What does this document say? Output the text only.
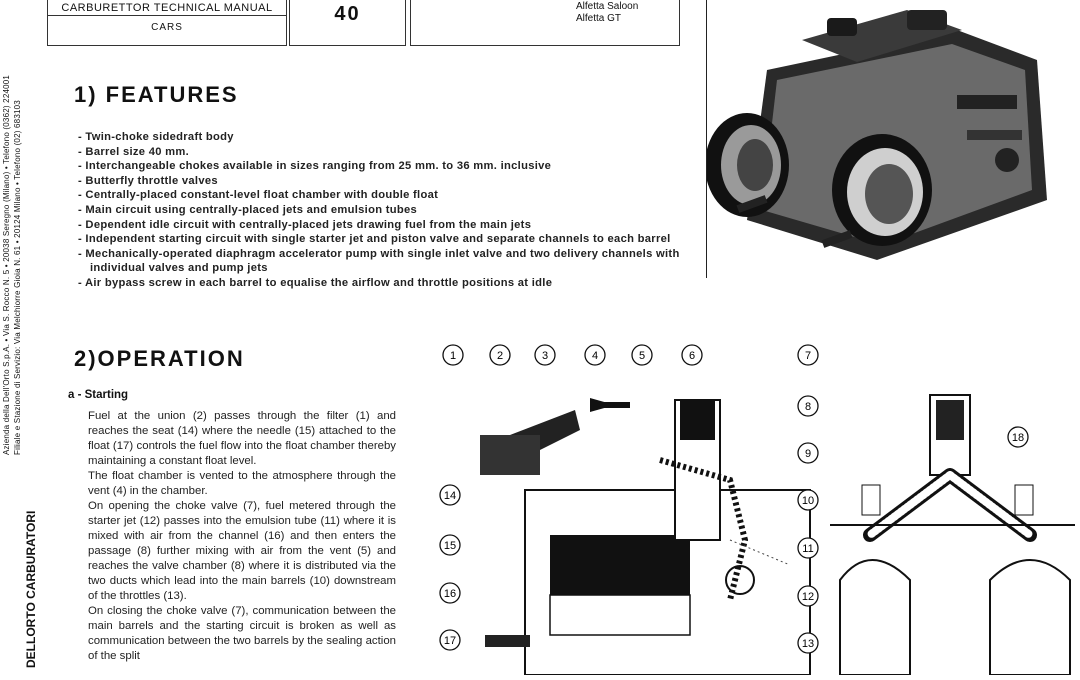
Azienda della Dell'Orto S.p.A. • Via S. Rocco N. 5 • 20038 Seregno (Milano) • Telefono (0362) 224001 Filiale e Stazione di Servizio: Via Melchiorre Gioia N. 61 • 20124 Milano • Telefono (02) 683103
DELLORTO CARBURATORI
CARBURETTOR TECHNICAL MANUAL
CARS
40	Alfetta Saloon
Alfetta GT
1) FEATURES
- Twin-choke sidedraft body
- Barrel size 40 mm.
- Interchangeable chokes available in sizes ranging from 25 mm. to 36 mm. inclusive
- Butterfly throttle valves
- Centrally-placed constant-level float chamber with double float
- Main circuit using centrally-placed jets and emulsion tubes
- Dependent idle circuit with centrally-placed jets drawing fuel from the main jets
- Independent starting circuit with single starter jet and piston valve and separate channels to each barrel
- Mechanically-operated diaphragm accelerator pump with single inlet valve and two delivery channels with individual valves and pump jets
- Air bypass screw in each barrel to equalise the airflow and throttle positions at idle
2)OPERATION
a - Starting

Fuel at the union (2) passes through the filter (1) and reaches the seat (14) where the needle (15) attached to the float (17) controls the fuel flow into the float chamber thereby maintaining a constant float level.

The float chamber is vented to the atmosphere through the vent (4) in the chamber.

On opening the choke valve (7), fuel metered through the starter jet (12) passes into the emulsion tube (11) where it is mixed with air from the channel (16) and then enters the passage (8) further mixing with air from the vent (5) and reaches the valve chamber (8) where it is distributed via the two ducts which lead into the main barrels (10) downstream of the throttles (13).

On closing the choke valve (7), communication between the main barrels and the starting circuit is broken as well as communication between the two barrels by the sealing action of the split

1	2	3	4	5	6	7
8
9
10
11
12
13
14
15
16
17
18
